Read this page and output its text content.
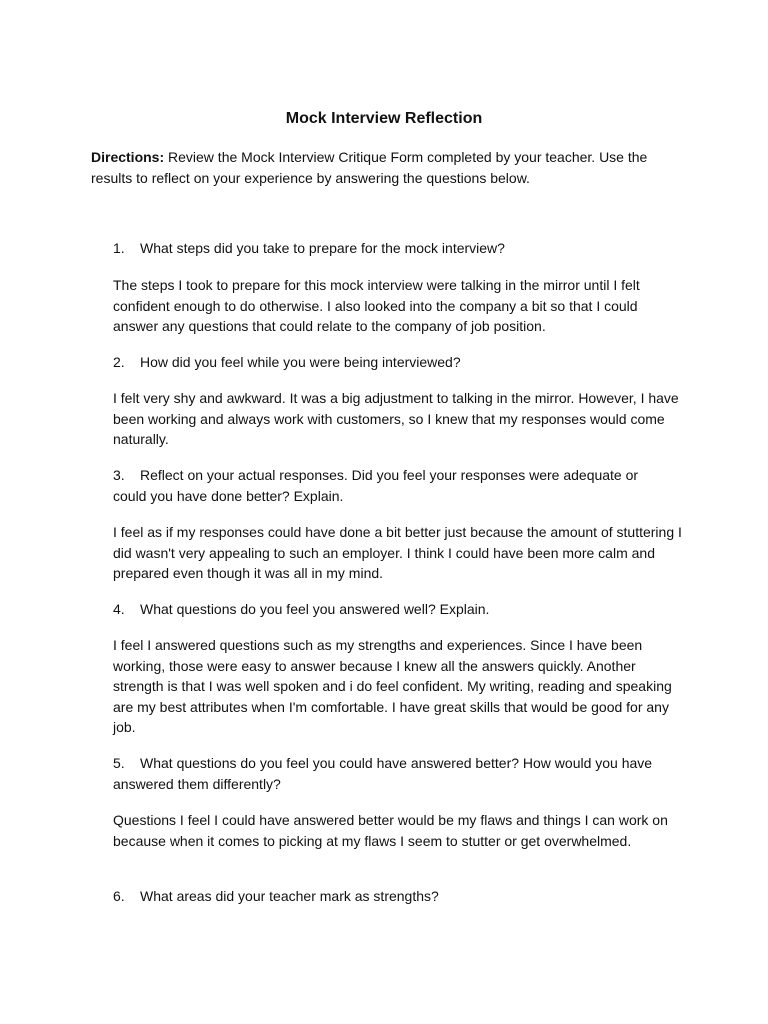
Mock Interview Reflection
Directions: Review the Mock Interview Critique Form completed by your teacher. Use the results to reflect on your experience by answering the questions below.
1. What steps did you take to prepare for the mock interview?
The steps I took to prepare for this mock interview were talking in the mirror until I felt confident enough to do otherwise. I also looked into the company a bit so that I could answer any questions that could relate to the company of job position.
2. How did you feel while you were being interviewed?
I felt very shy and awkward. It was a big adjustment to talking in the mirror. However, I have been working and always work with customers, so I knew that my responses would come naturally.
3. Reflect on your actual responses. Did you feel your responses were adequate or could you have done better? Explain.
I feel as if my responses could have done a bit better just because the amount of stuttering I did wasn't very appealing to such an employer. I think I could have been more calm and prepared even though it was all in my mind.
4. What questions do you feel you answered well? Explain.
I feel I answered questions such as my strengths and experiences. Since I have been working, those were easy to answer because I knew all the answers quickly. Another strength is that I was well spoken and i do feel confident. My writing, reading and speaking are my best attributes when I'm comfortable. I have great skills that would be good for any job.
5. What questions do you feel you could have answered better? How would you have answered them differently?
Questions I feel I could have answered better would be my flaws and things I can work on because when it comes to picking at my flaws I seem to stutter or get overwhelmed.
6. What areas did your teacher mark as strengths?
